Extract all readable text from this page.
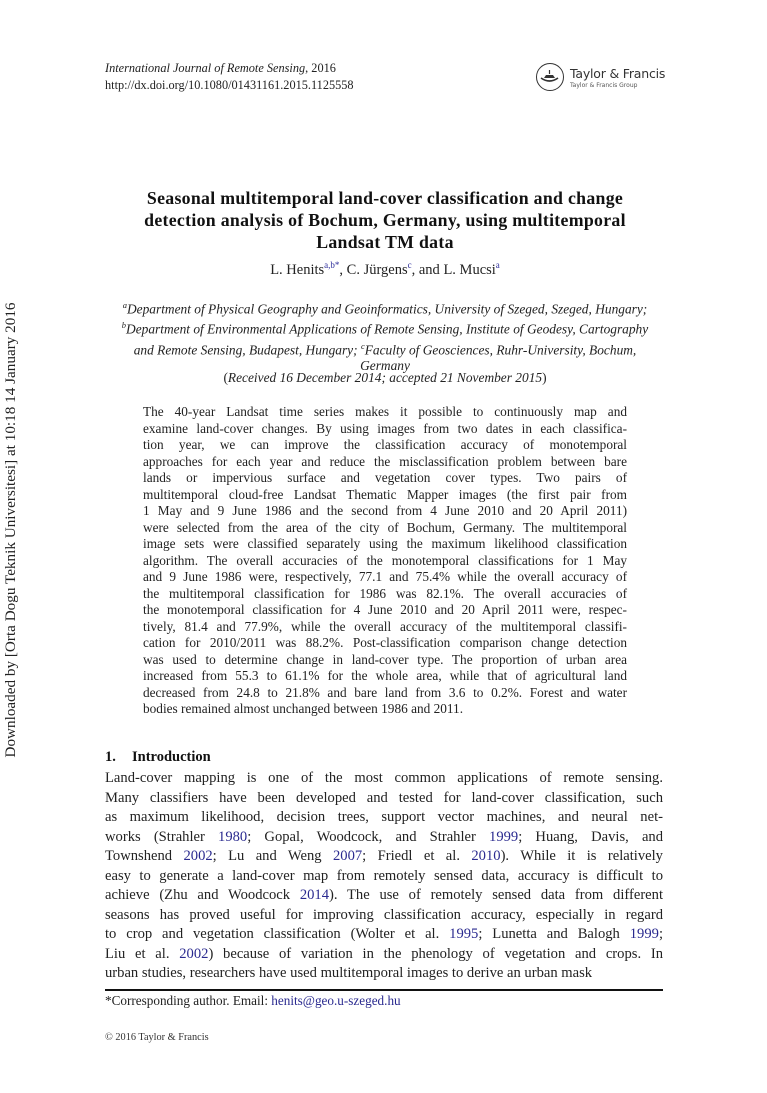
International Journal of Remote Sensing, 2016
http://dx.doi.org/10.1080/01431161.2015.1125558
Taylor & Francis
Taylor & Francis Group
Downloaded by [Orta Dogu Teknik Universitesi] at 10:18 14 January 2016
Seasonal multitemporal land-cover classification and change
detection analysis of Bochum, Germany, using multitemporal
Landsat TM data
L. Henits$^{a,b*}$, C. Jürgens$^c$, and L. Mucsi$^a$
$^a$Department of Physical Geography and Geoinformatics, University of Szeged, Szeged, Hungary;
$^b$Department of Environmental Applications of Remote Sensing, Institute of Geodesy, Cartography
and Remote Sensing, Budapest, Hungary; $^c$Faculty of Geosciences, Ruhr-University, Bochum,
Germany
(Received 16 December 2014; accepted 21 November 2015)
The 40-year Landsat time series makes it possible to continuously map and
examine land-cover changes. By using images from two dates in each classifica-
tion year, we can improve the classification accuracy of monotemporal
approaches for each year and reduce the misclassification problem between bare
lands or impervious surface and vegetation cover types. Two pairs of
multitemporal cloud-free Landsat Thematic Mapper images (the first pair from
1 May and 9 June 1986 and the second from 4 June 2010 and 20 April 2011)
were selected from the area of the city of Bochum, Germany. The multitemporal
image sets were classified separately using the maximum likelihood classification
algorithm. The overall accuracies of the monotemporal classifications for 1 May
and 9 June 1986 were, respectively, 77.1 and 75.4% while the overall accuracy of
the multitemporal classification for 1986 was 82.1%. The overall accuracies of
the monotemporal classification for 4 June 2010 and 20 April 2011 were, respec-
tively, 81.4 and 77.9%, while the overall accuracy of the multitemporal classifi-
cation for 2010/2011 was 88.2%. Post-classification comparison change detection
was used to determine change in land-cover type. The proportion of urban area
increased from 55.3 to 61.1% for the whole area, while that of agricultural land
decreased from 24.8 to 21.8% and bare land from 3.6 to 0.2%. Forest and water
bodies remained almost unchanged between 1986 and 2011.
1. Introduction
Land-cover mapping is one of the most common applications of remote sensing.
Many classifiers have been developed and tested for land-cover classification, such
as maximum likelihood, decision trees, support vector machines, and neural net-
works (Strahler 1980; Gopal, Woodcock, and Strahler 1999; Huang, Davis, and
Townshend 2002; Lu and Weng 2007; Friedl et al. 2010). While it is relatively
easy to generate a land-cover map from remotely sensed data, accuracy is difficult to
achieve (Zhu and Woodcock 2014). The use of remotely sensed data from different
seasons has proved useful for improving classification accuracy, especially in regard
to crop and vegetation classification (Wolter et al. 1995; Lunetta and Balogh 1999;
Liu et al. 2002) because of variation in the phenology of vegetation and crops. In
urban studies, researchers have used multitemporal images to derive an urban mask
*Corresponding author. Email: henits@geo.u-szeged.hu
© 2016 Taylor & Francis
